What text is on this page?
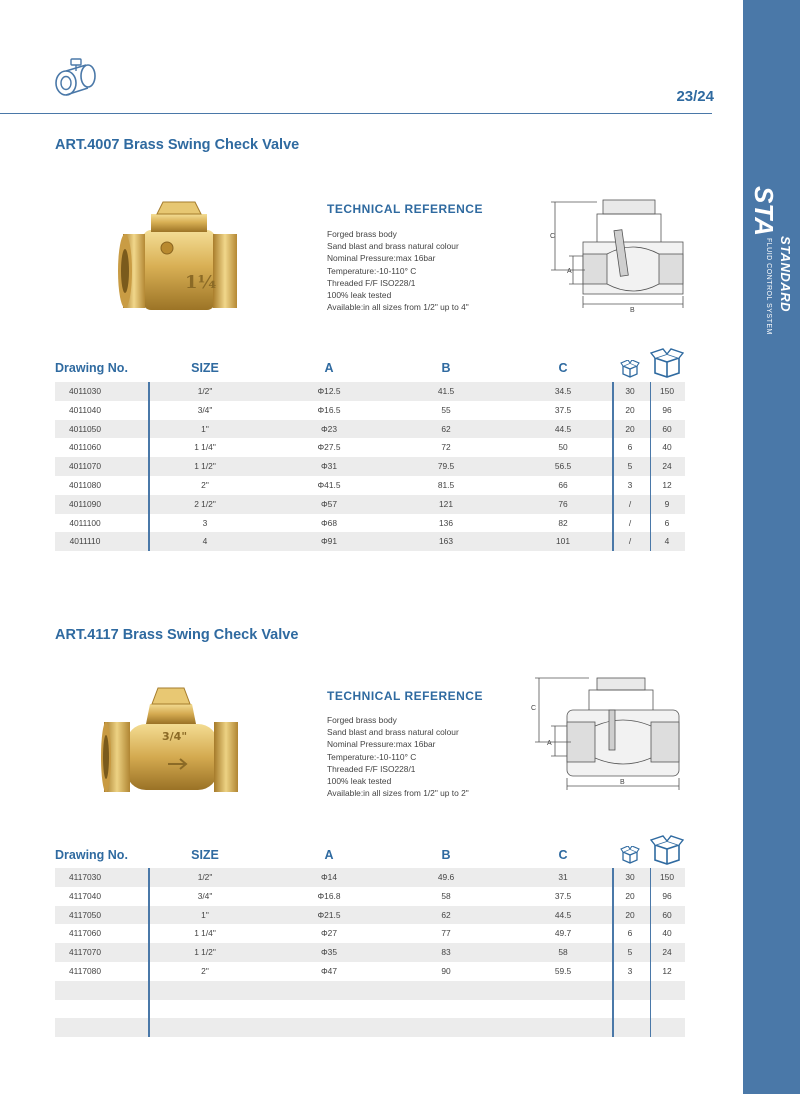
STA
STANDARD
FLUID CONTROL SYSTEM
23/24
ART.4007 Brass Swing Check Valve
1¼
TECHNICAL REFERENCE
Forged brass body
Sand blast and brass natural colour
Nominal Pressure:max 16bar
Temperature:-10-110° C
Threaded F/F ISO228/1
100% leak tested
Available:in all sizes from 1/2" up to 4"
C
A
B
Drawing No.	SIZE	A	B	C
4011030	1/2"	Φ12.5	41.5	34.5	30	150
4011040	3/4"	Φ16.5	55	37.5	20	96
4011050	1"	Φ23	62	44.5	20	60
4011060	1 1/4"	Φ27.5	72	50	6	40
4011070	1 1/2"	Φ31	79.5	56.5	5	24
4011080	2"	Φ41.5	81.5	66	3	12
4011090	2 1/2"	Φ57	121	76	/	9
4011100	3	Φ68	136	82	/	6
4011110	4	Φ91	163	101	/	4
ART.4117 Brass Swing Check Valve
3/4"
TECHNICAL REFERENCE
Forged brass body
Sand blast and brass natural colour
Nominal Pressure:max 16bar
Temperature:-10-110° C
Threaded F/F ISO228/1
100% leak tested
Available:in all sizes from 1/2" up to 2"
C
A
B
Drawing No.	SIZE	A	B	C
4117030	1/2"	Φ14	49.6	31	30	150
4117040	3/4"	Φ16.8	58	37.5	20	96
4117050	1"	Φ21.5	62	44.5	20	60
4117060	1 1/4"	Φ27	77	49.7	6	40
4117070	1 1/2"	Φ35	83	58	5	24
4117080	2"	Φ47	90	59.5	3	12
